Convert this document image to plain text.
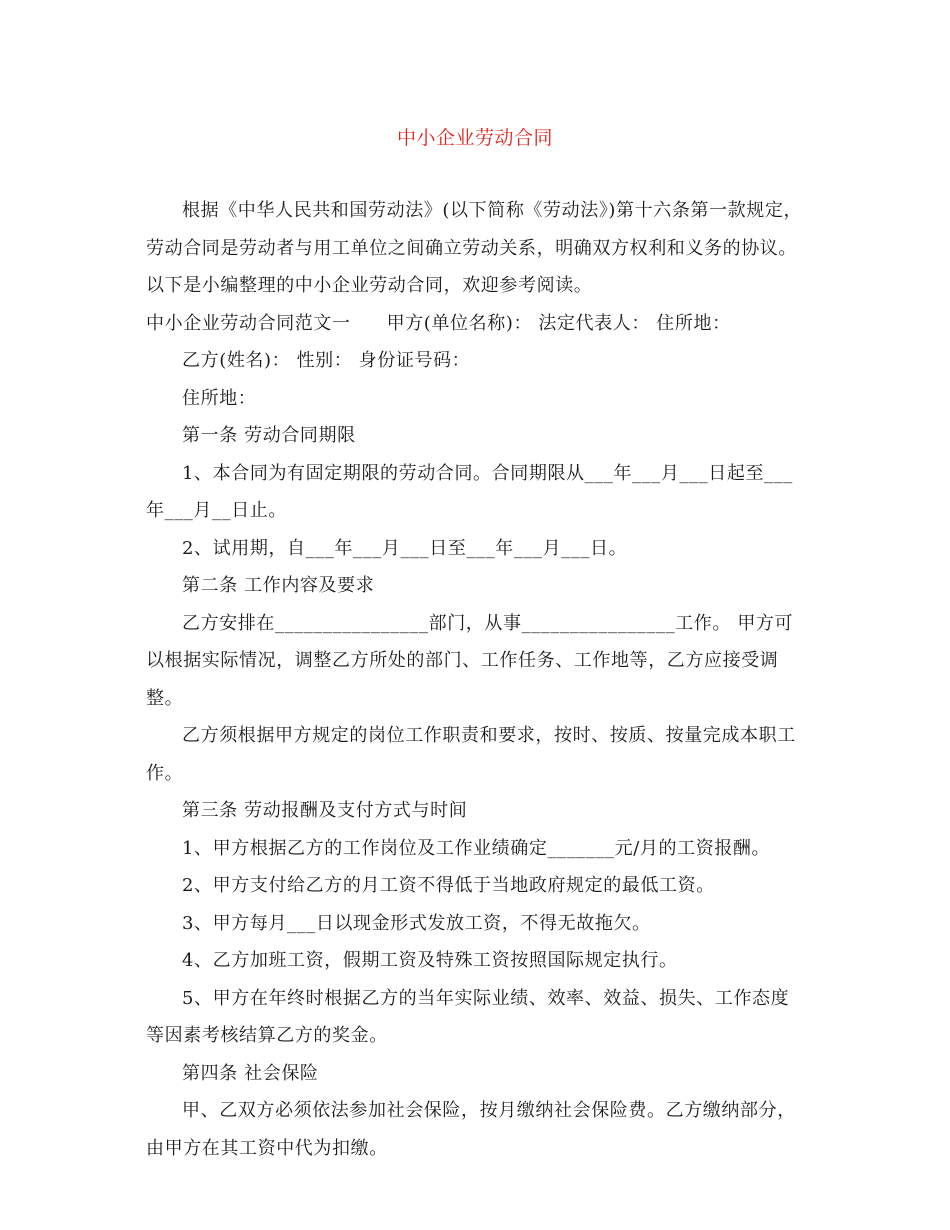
中小企业劳动合同

根据《中华人民共和国劳动法》(以下简称《劳动法》)第十六条第一款规定，劳动合同是劳动者与用工单位之间确立劳动关系，明确双方权利和义务的协议。以下是小编整理的中小企业劳动合同，欢迎参考阅读。

中小企业劳动合同范文一 甲方(单位名称)： 法定代表人： 住所地：

乙方(姓名)： 性别： 身份证号码：

住所地：

第一条 劳动合同期限

1、本合同为有固定期限的劳动合同。合同期限从___年___月___日起至___年___月__日止。

2、试用期，自___年___月___日至___年___月___日。

第二条 工作内容及要求

乙方安排在________________部门，从事________________工作。 甲方可以根据实际情况，调整乙方所处的部门、工作任务、工作地等，乙方应接受调整。

乙方须根据甲方规定的岗位工作职责和要求，按时、按质、按量完成本职工作。

第三条 劳动报酬及支付方式与时间

1、甲方根据乙方的工作岗位及工作业绩确定_______元/月的工资报酬。

2、甲方支付给乙方的月工资不得低于当地政府规定的最低工资。

3、甲方每月___日以现金形式发放工资，不得无故拖欠。

4、乙方加班工资，假期工资及特殊工资按照国际规定执行。

5、甲方在年终时根据乙方的当年实际业绩、效率、效益、损失、工作态度等因素考核结算乙方的奖金。

第四条 社会保险

甲、乙双方必须依法参加社会保险，按月缴纳社会保险费。乙方缴纳部分，由甲方在其工资中代为扣缴。
